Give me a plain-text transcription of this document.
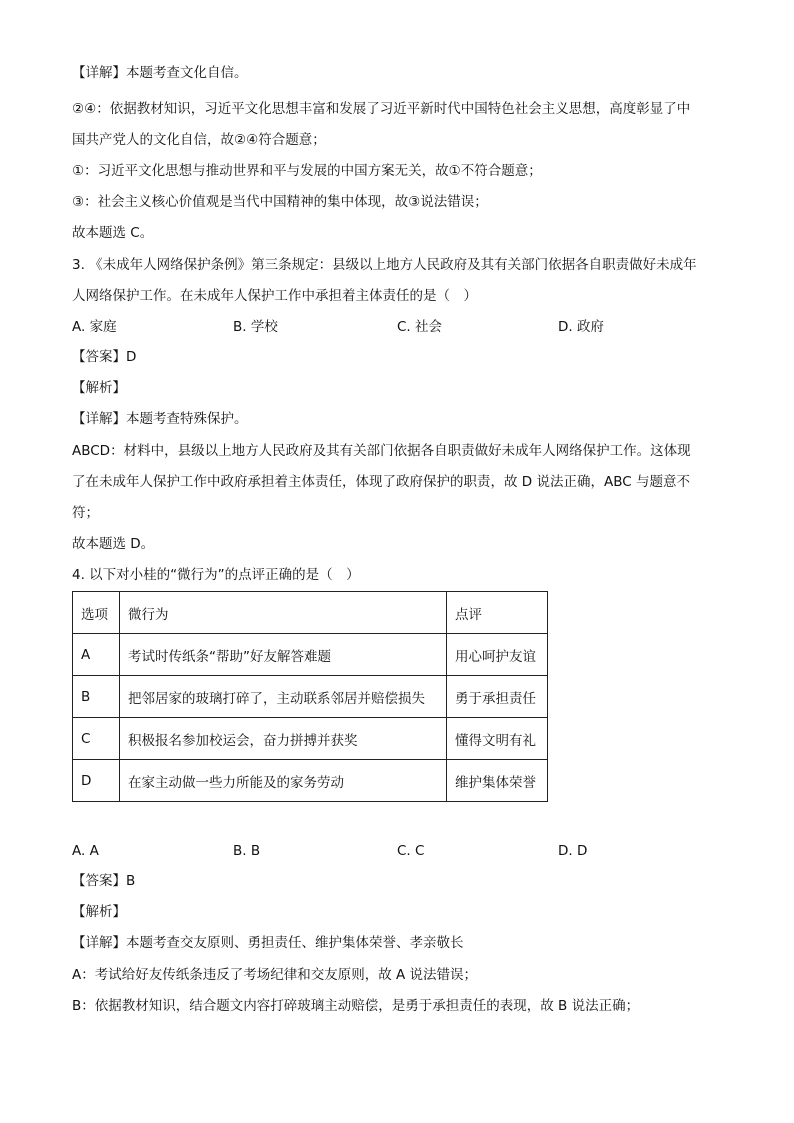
【详解】本题考查文化自信。
②④：依据教材知识，习近平文化思想丰富和发展了习近平新时代中国特色社会主义思想，高度彰显了中
国共产党人的文化自信，故②④符合题意；
①：习近平文化思想与推动世界和平与发展的中国方案无关，故①不符合题意；
③：社会主义核心价值观是当代中国精神的集中体现，故③说法错误；
故本题选 C。
3. 《未成年人网络保护条例》第三条规定：县级以上地方人民政府及其有关部门依据各自职责做好未成年
人网络保护工作。在未成年人保护工作中承担着主体责任的是（　）
A. 家庭	B. 学校	C. 社会	D. 政府
【答案】D
【解析】
【详解】本题考查特殊保护。
ABCD：材料中，县级以上地方人民政府及其有关部门依据各自职责做好未成年人网络保护工作。这体现
了在未成年人保护工作中政府承担着主体责任，体现了政府保护的职责，故 D 说法正确，ABC 与题意不
符；
故本题选 D。
4. 以下对小桂的“微行为”的点评正确的是（　）
选项	微行为	点评
A	考试时传纸条“帮助”好友解答难题	用心呵护友谊
B	把邻居家的玻璃打碎了，主动联系邻居并赔偿损失	勇于承担责任
C	积极报名参加校运会，奋力拼搏并获奖	懂得文明有礼
D	在家主动做一些力所能及的家务劳动	维护集体荣誉
A. A	B. B	C. C	D. D
【答案】B
【解析】
【详解】本题考查交友原则、勇担责任、维护集体荣誉、孝亲敬长
A：考试给好友传纸条违反了考场纪律和交友原则，故 A 说法错误；
B：依据教材知识，结合题文内容打碎玻璃主动赔偿，是勇于承担责任的表现，故 B 说法正确；
